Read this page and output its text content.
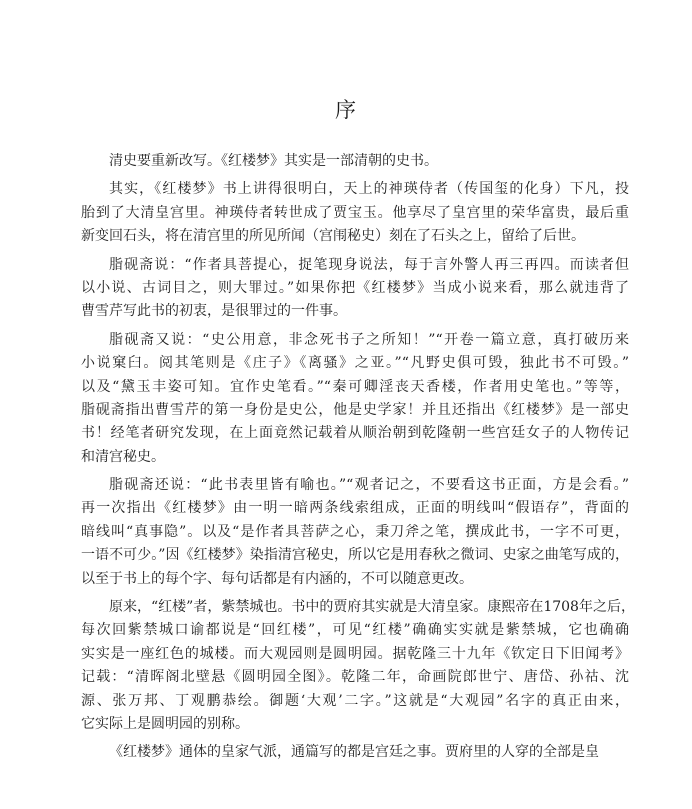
序
清史要重新改写。《红楼梦》其实是一部清朝的史书。
其实，《红楼梦》书上讲得很明白，天上的神瑛侍者（传国玺的化身）下凡，投
胎到了大清皇宫里。神瑛侍者转世成了贾宝玉。他享尽了皇宫里的荣华富贵，最后重
新变回石头，将在清宫里的所见所闻（宫闱秘史）刻在了石头之上，留给了后世。
脂砚斋说：“作者具菩提心，捉笔现身说法，每于言外警人再三再四。而读者但
以小说、古词目之，则大罪过。”如果你把《红楼梦》当成小说来看，那么就违背了
曹雪芹写此书的初衷，是很罪过的一件事。
脂砚斋又说：“史公用意，非念死书子之所知！”“开卷一篇立意，真打破历来
小说窠臼。阅其笔则是《庄子》《离骚》之亚。”“凡野史俱可毁，独此书不可毁。”
以及“黛玉丰姿可知。宜作史笔看。”“秦可卿淫丧天香楼，作者用史笔也。”等等，
脂砚斋指出曹雪芹的第一身份是史公，他是史学家！并且还指出《红楼梦》是一部史
书！经笔者研究发现，在上面竟然记载着从顺治朝到乾隆朝一些宫廷女子的人物传记
和清宫秘史。
脂砚斋还说：“此书表里皆有喻也。”“观者记之，不要看这书正面，方是会看。”
再一次指出《红楼梦》由一明一暗两条线索组成，正面的明线叫“假语存”，背面的
暗线叫“真事隐”。以及“是作者具菩萨之心，秉刀斧之笔，撰成此书，一字不可更，
一语不可少。”因《红楼梦》染指清宫秘史，所以它是用春秋之微词、史家之曲笔写成的，
以至于书上的每个字、每句话都是有内涵的，不可以随意更改。
原来，“红楼”者，紫禁城也。书中的贾府其实就是大清皇家。康熙帝在1708年之后，
每次回紫禁城口谕都说是“回红楼”，可见“红楼”确确实实就是紫禁城，它也确确
实实是一座红色的城楼。而大观园则是圆明园。据乾隆三十九年《钦定日下旧闻考》
记载：“清晖阁北壁悬《圆明园全图》。乾隆二年，命画院郎世宁、唐岱、孙祜、沈
源、张万邦、丁观鹏恭绘。御题‘大观’二字。”这就是“大观园”名字的真正由来，
它实际上是圆明园的别称。
《红楼梦》通体的皇家气派，通篇写的都是宫廷之事。贾府里的人穿的全部是皇
